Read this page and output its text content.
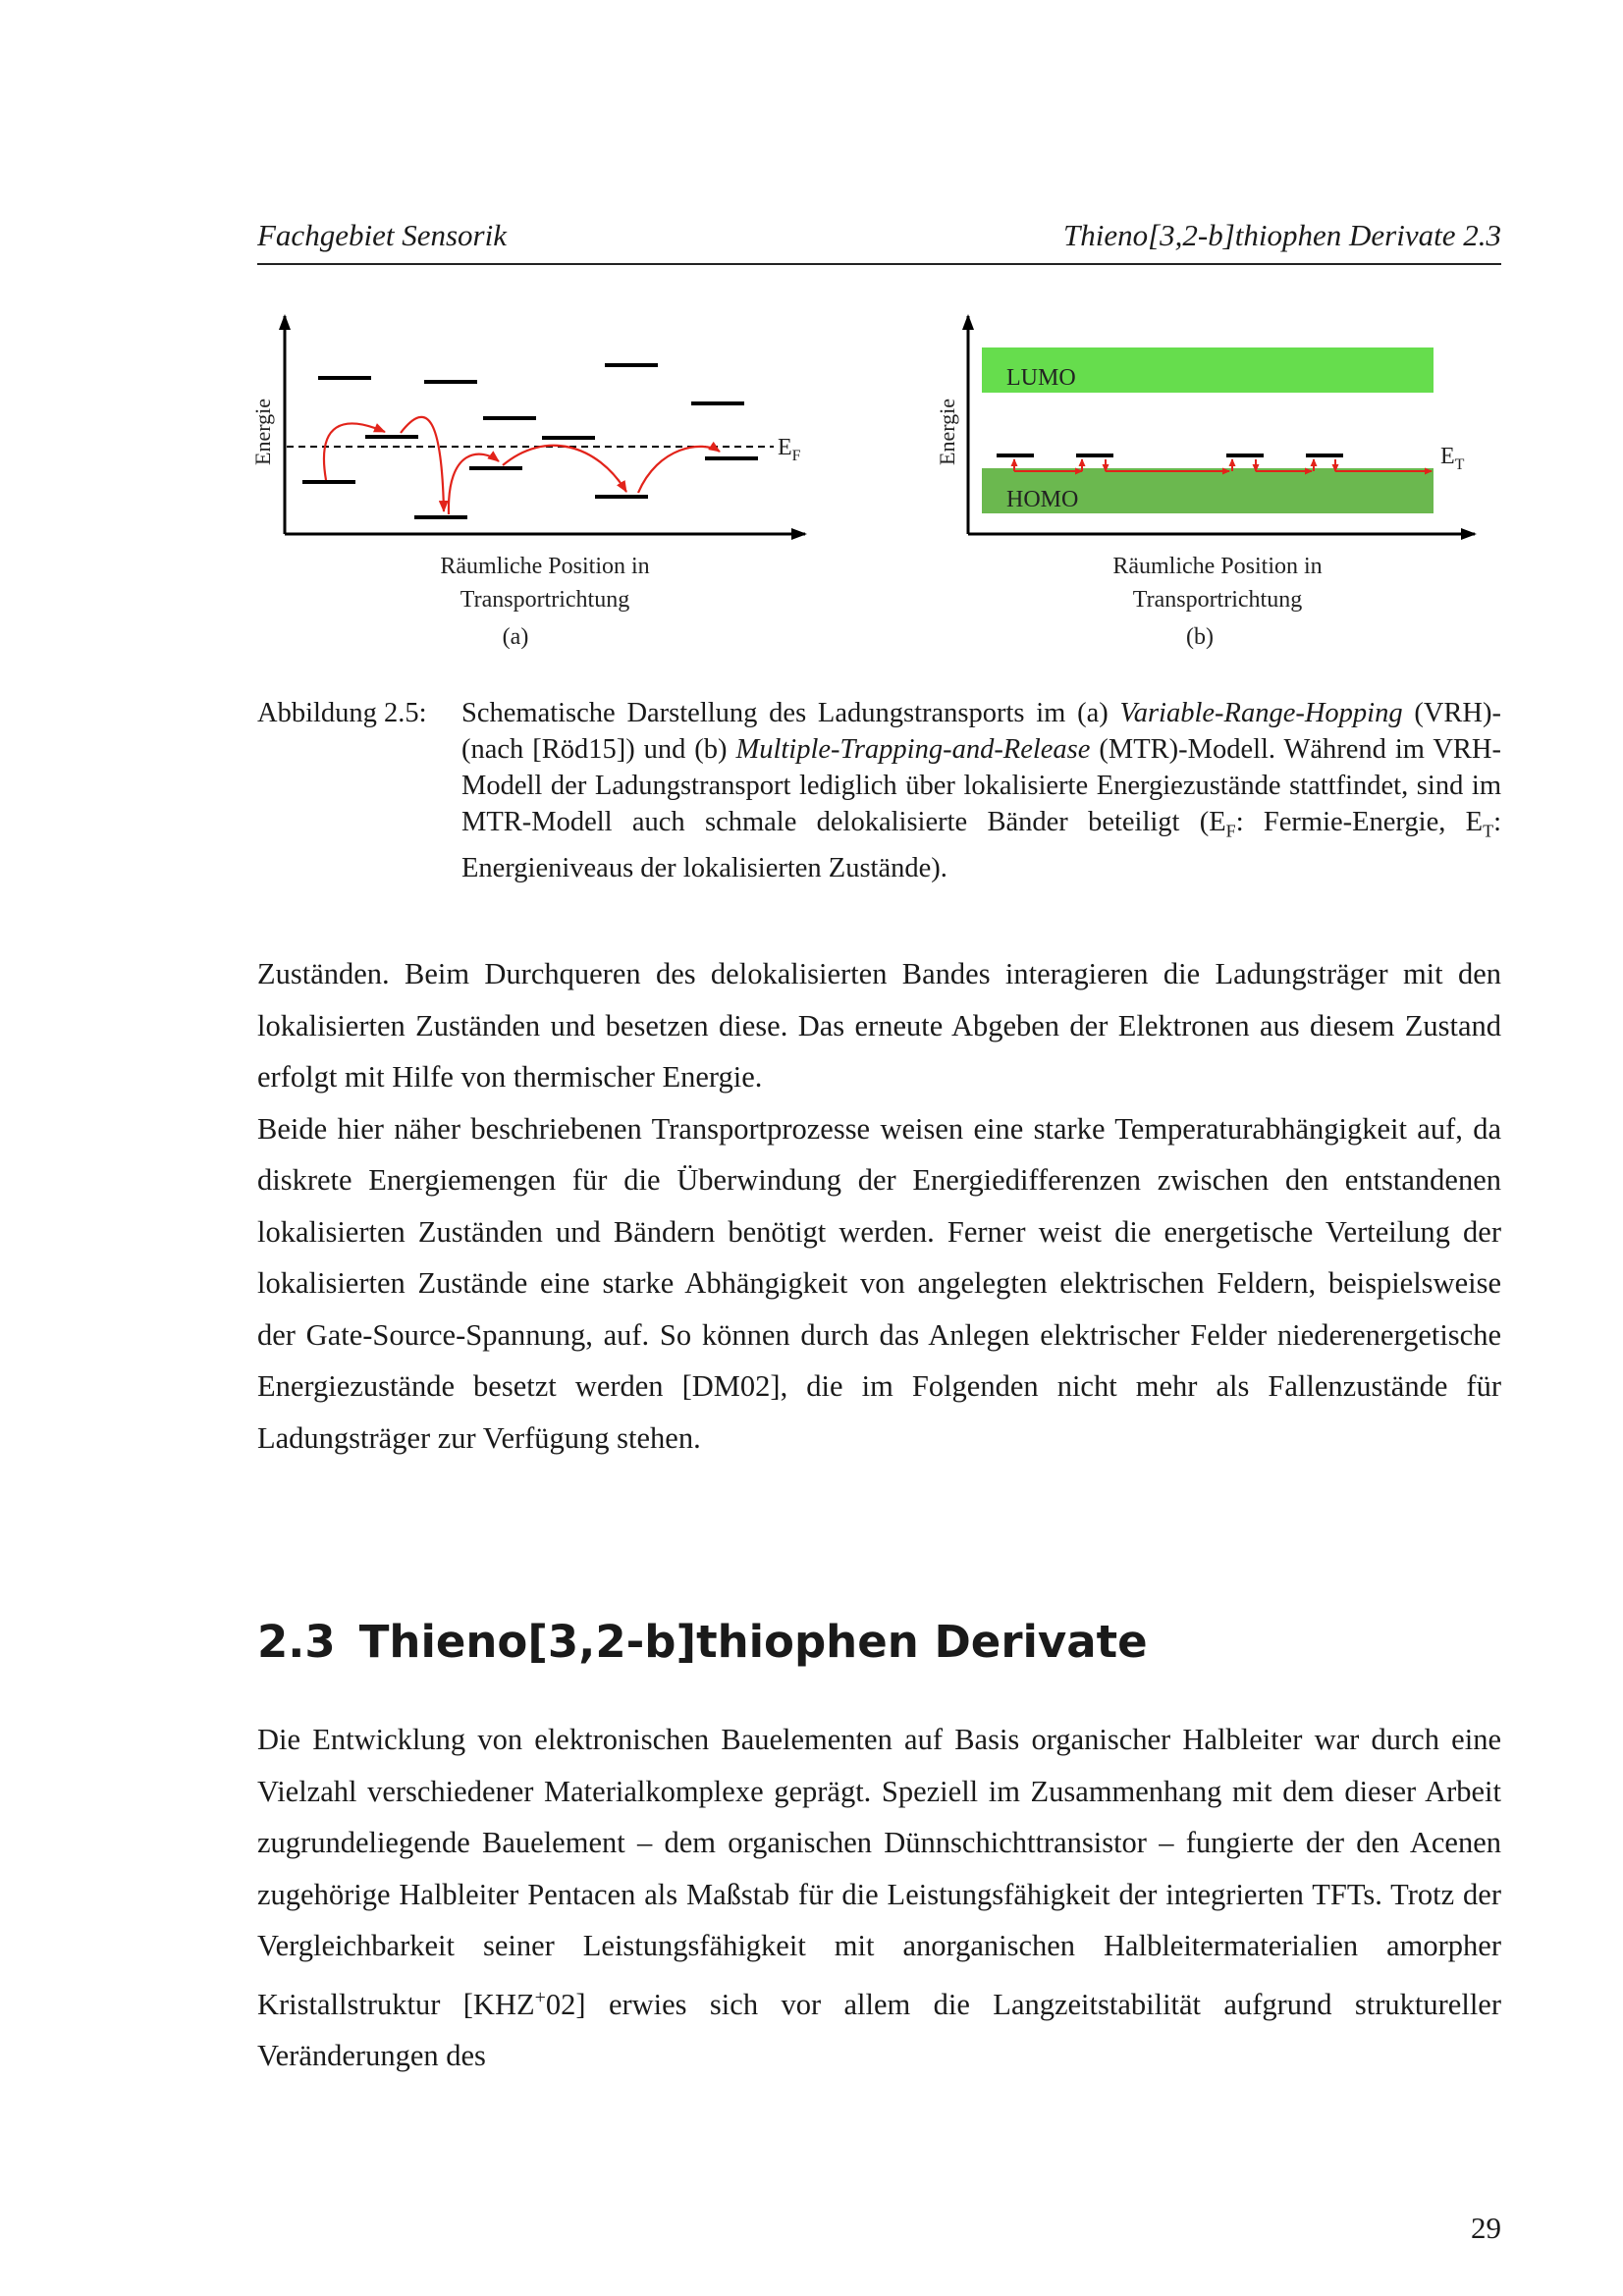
Fachgebiet Sensorik	Thieno[3,2-b]thiophen Derivate 2.3
Energie	$E_F$
Räumliche Position in
Transportrichtung
(a)
Energie
LUMO
HOMO
$E_T$
Räumliche Position in
Transportrichtung
(b)
Abbildung 2.5: Schematische Darstellung des Ladungstransports im (a) Variable-Range-Hopping (VRH)- (nach [Röd15]) und (b) Multiple-Trapping-and-Release (MTR)-Modell. Während im VRH-Modell der Ladungstransport lediglich über lokalisierte Energiezustände stattfindet, sind im MTR-Modell auch schmale delokalisierte Bänder beteiligt ($E_F$: Fermie-Energie, $E_T$: Energieniveaus der lokalisierten Zustände).

Zuständen. Beim Durchqueren des delokalisierten Bandes interagieren die Ladungsträger mit den lokalisierten Zuständen und besetzen diese. Das erneute Abgeben der Elektronen aus diesem Zustand erfolgt mit Hilfe von thermischer Energie.
Beide hier näher beschriebenen Transportprozesse weisen eine starke Temperaturabhängigkeit auf, da diskrete Energiemengen für die Überwindung der Energiedifferenzen zwischen den entstandenen lokalisierten Zuständen und Bändern benötigt werden. Ferner weist die energetische Verteilung der lokalisierten Zustände eine starke Abhängigkeit von angelegten elektrischen Feldern, beispielsweise der Gate-Source-Spannung, auf. So können durch das Anlegen elektrischer Felder niederenergetische Energiezustände besetzt werden [DM02], die im Folgenden nicht mehr als Fallenzustände für Ladungsträger zur Verfügung stehen.

2.3 Thieno[3,2-b]thiophen Derivate

Die Entwicklung von elektronischen Bauelementen auf Basis organischer Halbleiter war durch eine Vielzahl verschiedener Materialkomplexe geprägt. Speziell im Zusammenhang mit dem dieser Arbeit zugrundeliegende Bauelement – dem organischen Dünnschichttransistor – fungierte der den Acenen zugehörige Halbleiter Pentacen als Maßstab für die Leistungsfähigkeit der integrierten TFTs. Trotz der Vergleichbarkeit seiner Leistungsfähigkeit mit anorganischen Halbleitermaterialien amorpher Kristallstruktur [KHZ+02] erwies sich vor allem die Langzeitstabilität aufgrund struktureller Veränderungen des

29
